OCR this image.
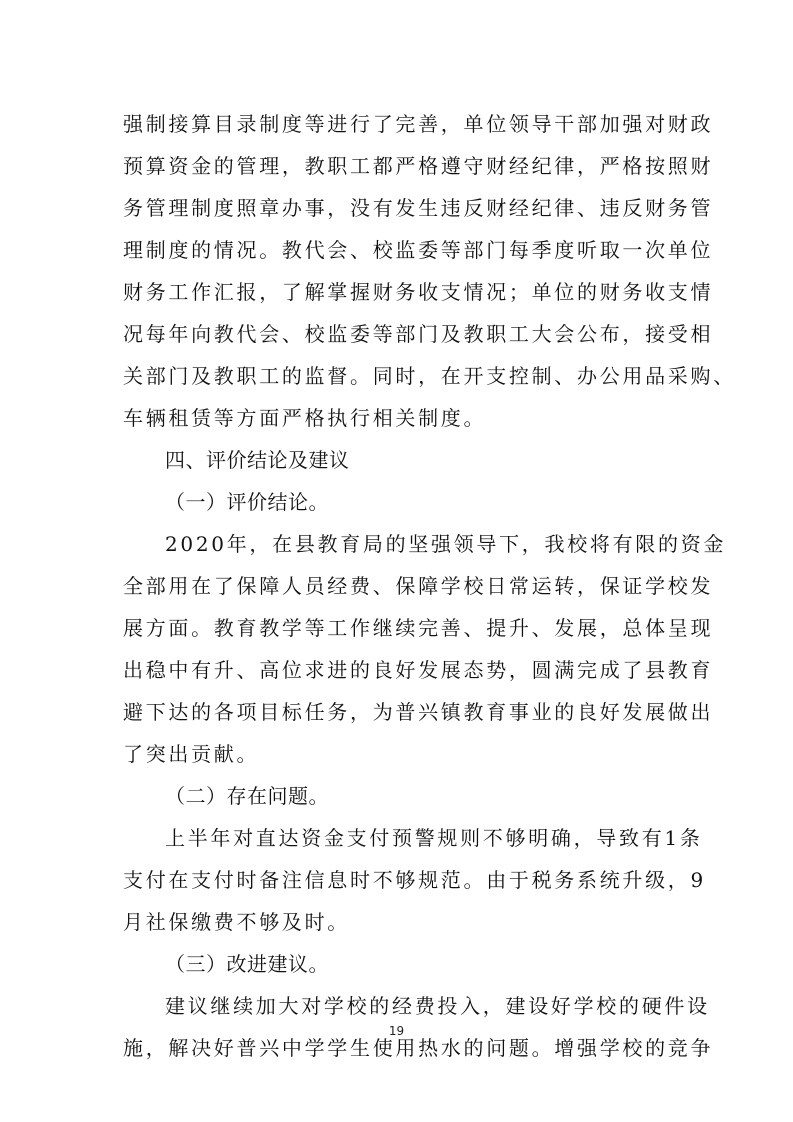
强制接算目录制度等进行了完善，单位领导干部加强对财政
预算资金的管理，教职工都严格遵守财经纪律，严格按照财
务管理制度照章办事，没有发生违反财经纪律、违反财务管
理制度的情况。教代会、校监委等部门每季度听取一次单位
财务工作汇报，了解掌握财务收支情况；单位的财务收支情
况每年向教代会、校监委等部门及教职工大会公布，接受相
关部门及教职工的监督。同时，在开支控制、办公用品采购、
车辆租赁等方面严格执行相关制度。
四、评价结论及建议
（一）评价结论。
2020年，在县教育局的坚强领导下，我校将有限的资金
全部用在了保障人员经费、保障学校日常运转，保证学校发
展方面。教育教学等工作继续完善、提升、发展，总体呈现
出稳中有升、高位求进的良好发展态势，圆满完成了县教育
避下达的各项目标任务，为普兴镇教育事业的良好发展做出
了突出贡献。
（二）存在问题。
上半年对直达资金支付预警规则不够明确，导致有1条
支付在支付时备注信息时不够规范。由于税务系统升级，9
月社保缴费不够及时。
（三）改进建议。
建议继续加大对学校的经费投入，建设好学校的硬件设
施，解决好普兴中学学生使用热水的问题。增强学校的竞争
19
